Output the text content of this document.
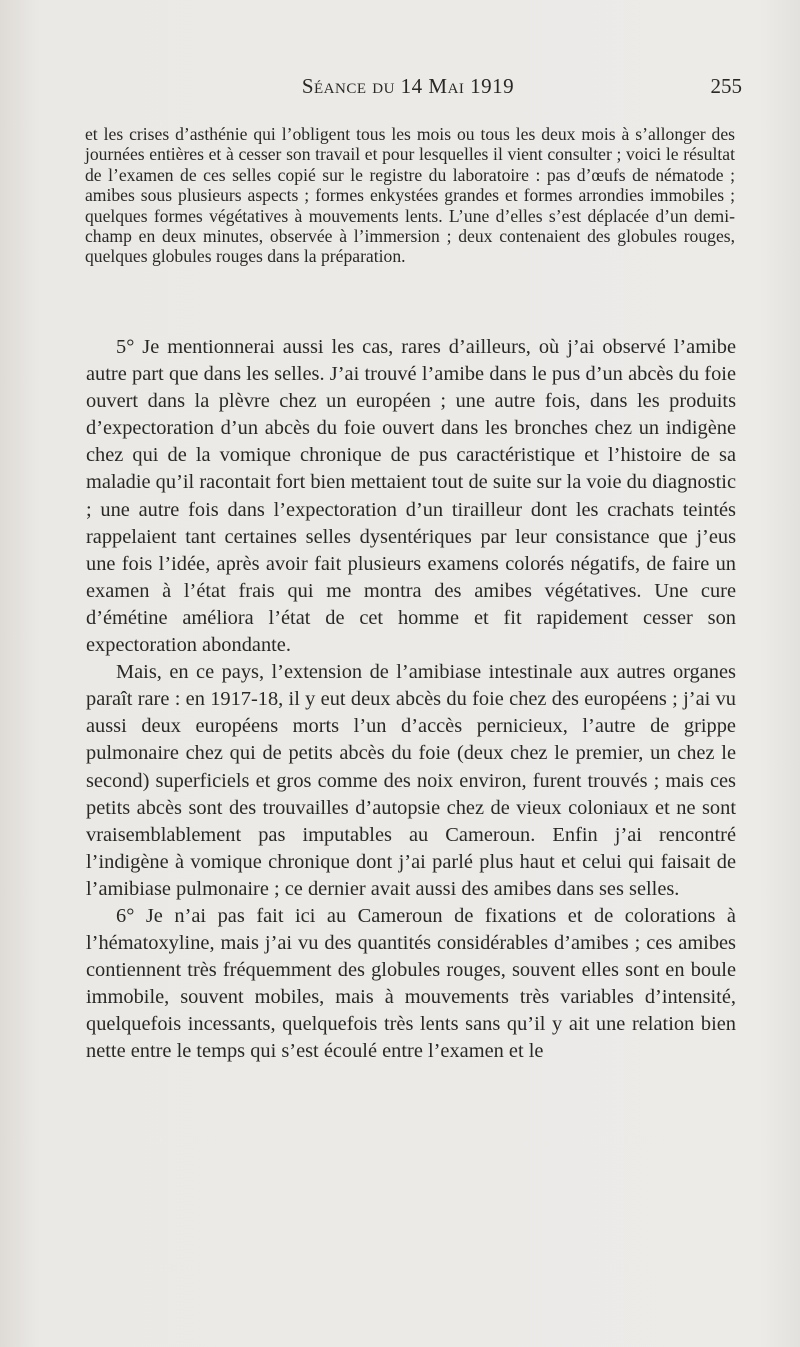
Séance du 14 Mai 1919	255

et les crises d’asthénie qui l’obligent tous les mois ou tous les deux mois à s’allonger des journées entières et à cesser son travail et pour lesquelles il vient consulter ; voici le résultat de l’examen de ces selles copié sur le registre du laboratoire : pas d’œufs de nématode ; amibes sous plusieurs aspects ; formes enkystées grandes et formes arrondies immobiles ; quelques formes végétatives à mouvements lents. L’une d’elles s’est déplacée d’un demi-champ en deux minutes, observée à l’immersion ; deux contenaient des globules rouges, quelques globules rouges dans la préparation.

5° Je mentionnerai aussi les cas, rares d’ailleurs, où j’ai observé l’amibe autre part que dans les selles. J’ai trouvé l’amibe dans le pus d’un abcès du foie ouvert dans la plèvre chez un européen ; une autre fois, dans les produits d’expectoration d’un abcès du foie ouvert dans les bronches chez un indigène chez qui de la vomique chronique de pus caractéristique et l’histoire de sa maladie qu’il racontait fort bien mettaient tout de suite sur la voie du diagnostic ; une autre fois dans l’expectoration d’un tirailleur dont les crachats teintés rappelaient tant certaines selles dysentériques par leur consistance que j’eus une fois l’idée, après avoir fait plusieurs examens colorés négatifs, de faire un examen à l’état frais qui me montra des amibes végétatives. Une cure d’émétine améliora l’état de cet homme et fit rapidement cesser son expectoration abondante.

Mais, en ce pays, l’extension de l’amibiase intestinale aux autres organes paraît rare : en 1917-18, il y eut deux abcès du foie chez des européens ; j’ai vu aussi deux européens morts l’un d’accès pernicieux, l’autre de grippe pulmonaire chez qui de petits abcès du foie (deux chez le premier, un chez le second) superficiels et gros comme des noix environ, furent trouvés ; mais ces petits abcès sont des trouvailles d’autopsie chez de vieux coloniaux et ne sont vraisemblablement pas imputables au Cameroun. Enfin j’ai rencontré l’indigène à vomique chronique dont j’ai parlé plus haut et celui qui faisait de l’amibiase pulmonaire ; ce dernier avait aussi des amibes dans ses selles.

6° Je n’ai pas fait ici au Cameroun de fixations et de colorations à l’hématoxyline, mais j’ai vu des quantités considérables d’amibes ; ces amibes contiennent très fréquemment des globules rouges, souvent elles sont en boule immobile, souvent mobiles, mais à mouvements très variables d’intensité, quelquefois incessants, quelquefois très lents sans qu’il y ait une relation bien nette entre le temps qui s’est écoulé entre l’examen et le
